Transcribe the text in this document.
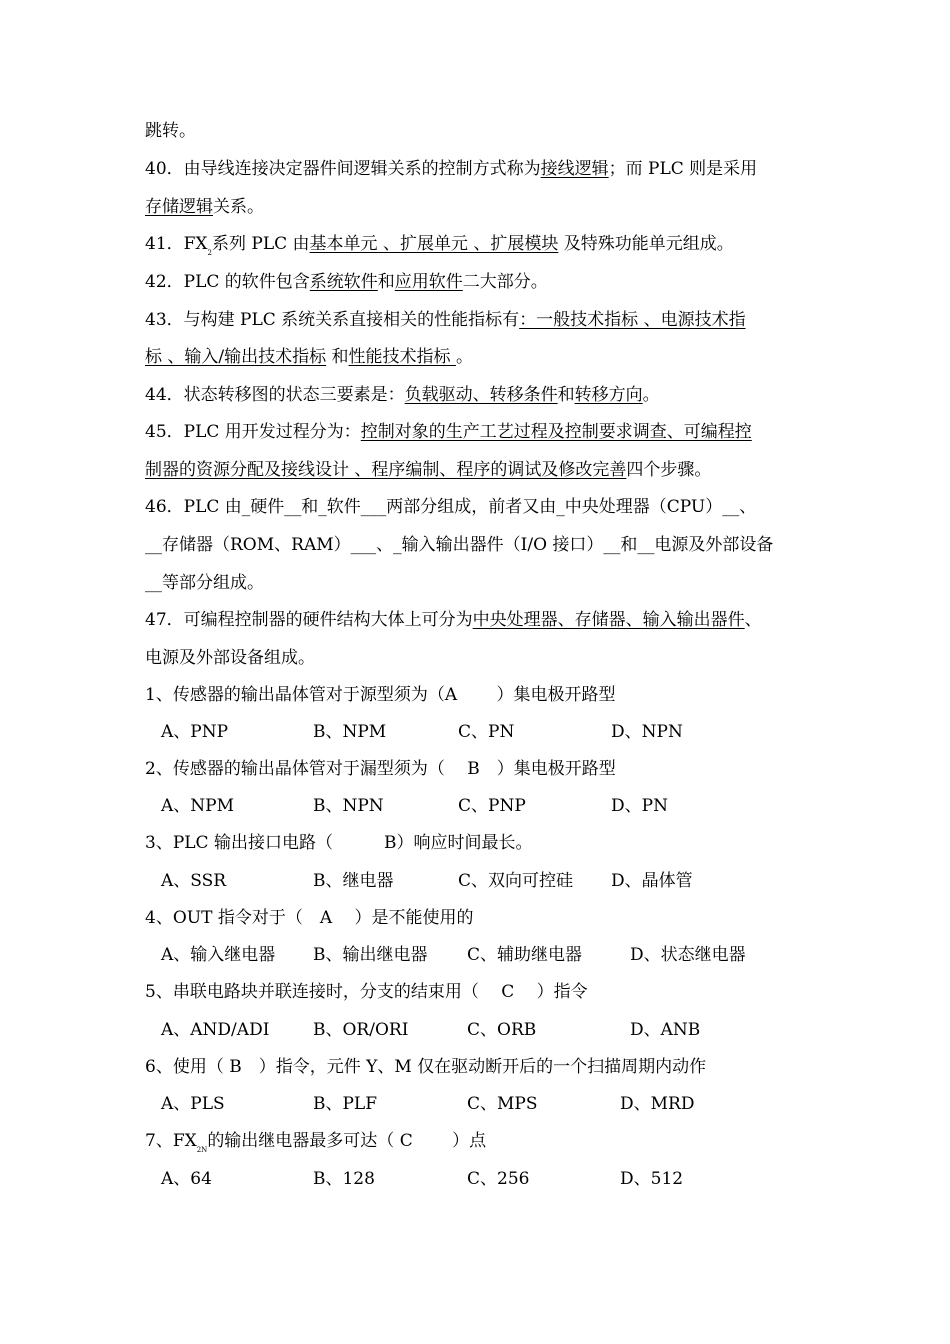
跳转。
40．由导线连接决定器件间逻辑关系的控制方式称为接线逻辑；而 PLC 则是采用
存储逻辑关系。
41．$FX_2$系列 PLC 由基本单元 、扩展单元 、扩展模块 及特殊功能单元组成。
42．PLC 的软件包含系统软件和应用软件二大部分。
43．与构建 PLC 系统关系直接相关的性能指标有：一般技术指标 、电源技术指
标 、输入/输出技术指标 和性能技术指标 。
44．状态转移图的状态三要素是：负载驱动、转移条件和转移方向。
45．PLC 用开发过程分为：控制对象的生产工艺过程及控制要求调查、可编程控
制器的资源分配及接线设计 、程序编制、程序的调试及修改完善四个步骤。
46．PLC 由_硬件__和_软件___两部分组成，前者又由_中央处理器（CPU）__、
__存储器（ROM、RAM）___、_输入输出器件（I/O 接口）__和__电源及外部设备
__等部分组成。
47．可编程控制器的硬件结构大体上可分为中央处理器、存储器、输入输出器件、
电源及外部设备组成。
1、传感器的输出晶体管对于源型须为（A　　 ）集电极开路型
A、PNP	B、NPM	C、PN	D、NPN
2、传感器的输出晶体管对于漏型须为（　 B　）集电极开路型
A、NPM	B、NPN	C、PNP	D、PN
3、PLC 输出接口电路（　　　B）响应时间最长。
A、SSR	B、继电器	C、双向可控硅 D、晶体管
4、OUT 指令对于（　A　 ）是不能使用的
A、输入继电器 B、输出继电器 C、辅助继电器	D、状态继电器
5、串联电路块并联连接时，分支的结束用（　 C　 ）指令
A、AND/ADI	B、OR/ORI	C、ORB	D、ANB
6、使用（ B　）指令，元件 Y、M 仅在驱动断开后的一个扫描周期内动作
A、PLS	B、PLF	C、MPS	D、MRD
7、$FX_{2N}$的输出继电器最多可达（ C　　 ）点
A、64	B、128	C、256	D、512
